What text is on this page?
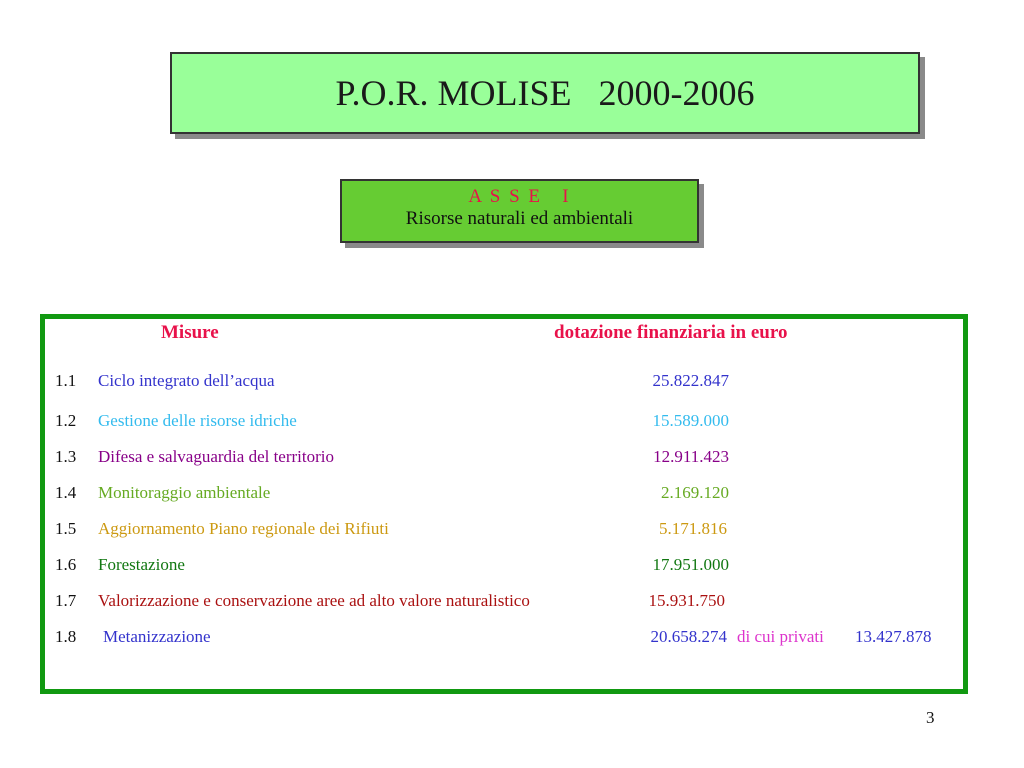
P.O.R. MOLISE   2000-2006
A S S E   I
Risorse naturali ed ambientali
Misure	dotazione finanziaria in euro
1.1 Ciclo integrato dell’acqua	25.822.847
1.2 Gestione delle risorse idriche	15.589.000
1.3 Difesa e salvaguardia del territorio	12.911.423
1.4 Monitoraggio ambientale	2.169.120
1.5 Aggiornamento Piano regionale dei Rifiuti	5.171.816
1.6 Forestazione	17.951.000
1.7 Valorizzazione e conservazione aree ad alto valore naturalistico	15.931.750
1.8 Metanizzazione	20.658.274 di cui privati 13.427.878
3
